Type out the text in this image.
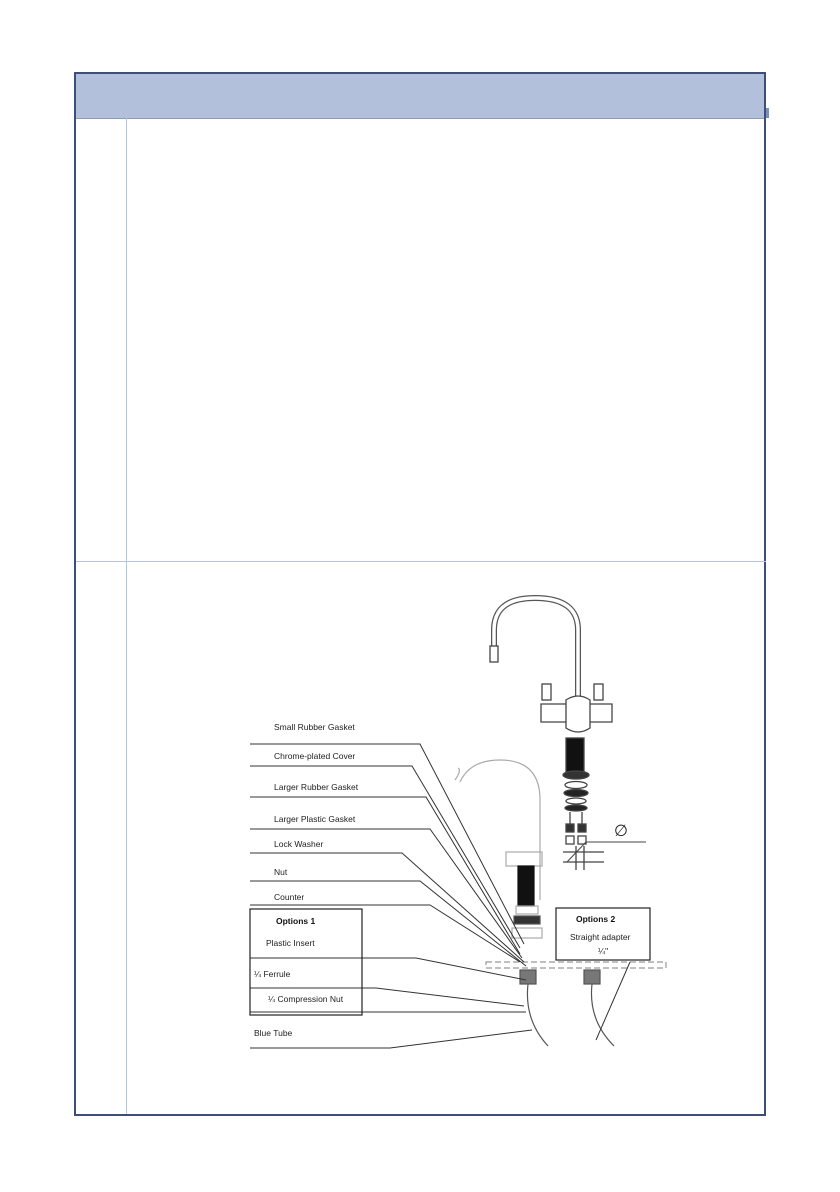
Small Rubber Gasket
Chrome-plated Cover
Larger Rubber Gasket
Larger Plastic Gasket
Lock Washer
Nut
Counter
Options 1
Plastic Insert
¼ Ferrule
¼ Compression Nut
Blue Tube
Options 2
Straight adapter
¼"
∅
